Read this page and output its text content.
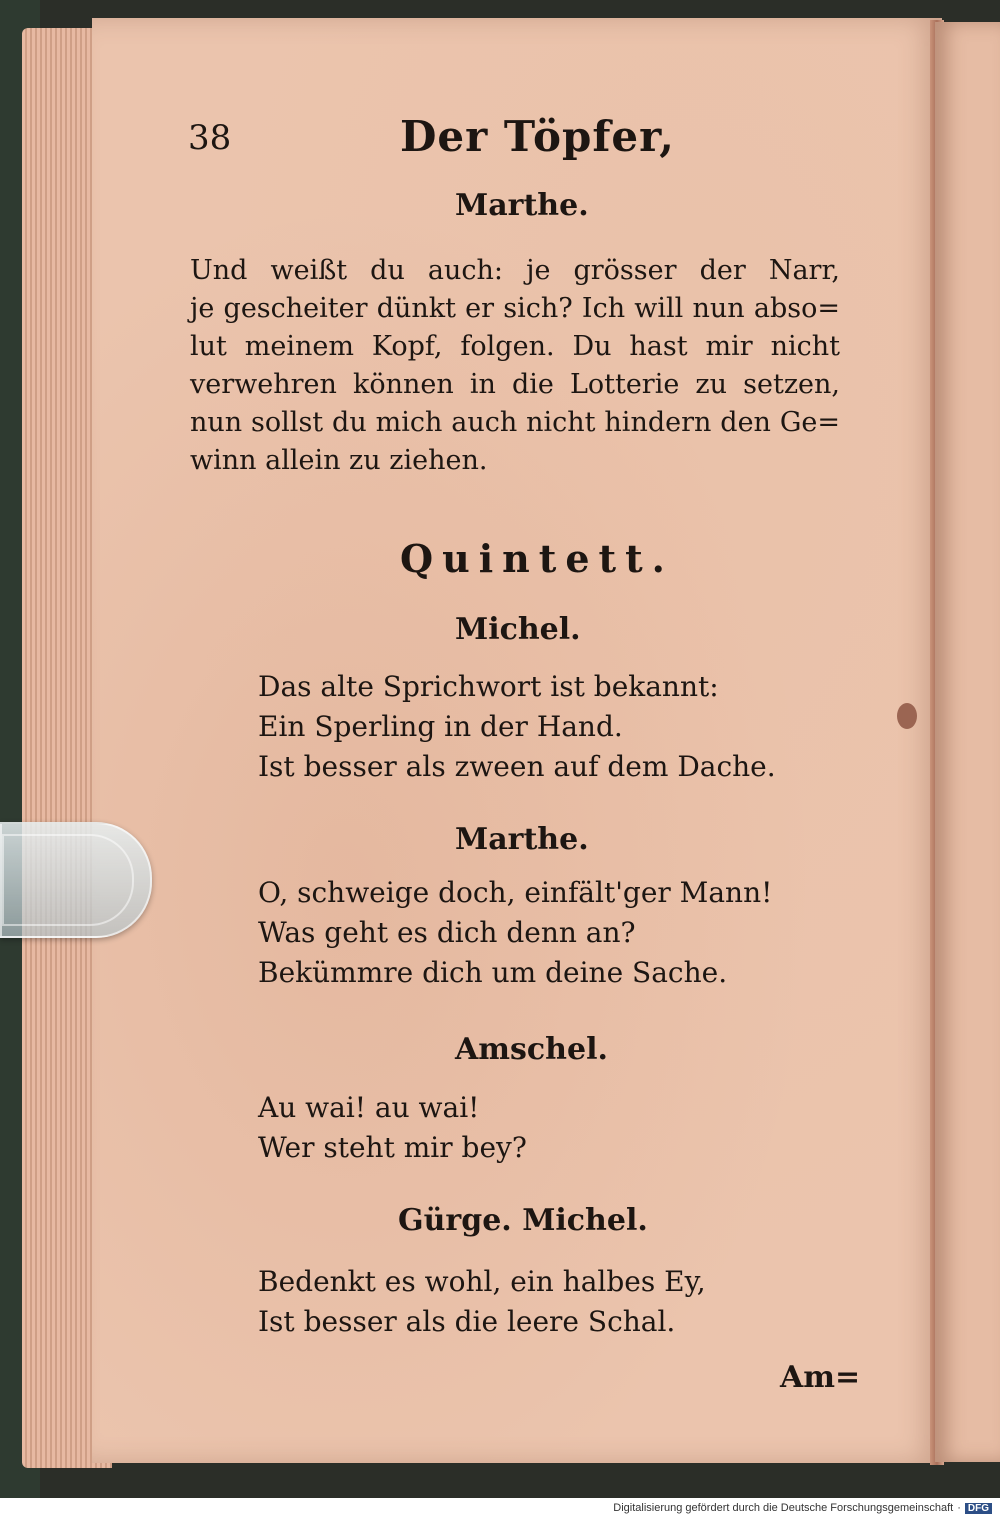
38	Der Töpfer,
Marthe.
Und weißt du auch: je grösser der Narr,
je gescheiter dünkt er sich? Ich will nun abso=
lut meinem Kopf, folgen. Du hast mir nicht
verwehren können in die Lotterie zu setzen,
nun sollst du mich auch nicht hindern den Ge=
winn allein zu ziehen.
Quintett.
Michel.
Das alte Sprichwort ist bekannt:
Ein Sperling in der Hand.
Ist besser als zween auf dem Dache.
Marthe.
O, schweige doch, einfält'ger Mann!
Was geht es dich denn an?
Bekümmre dich um deine Sache.
Amschel.
Au wai! au wai!
Wer steht mir bey?
Gürge. Michel.
Bedenkt es wohl, ein halbes Ey,
Ist besser als die leere Schal.
Am=
Digitalisierung gefördert durch die Deutsche Forschungsgemeinschaft · DFG
